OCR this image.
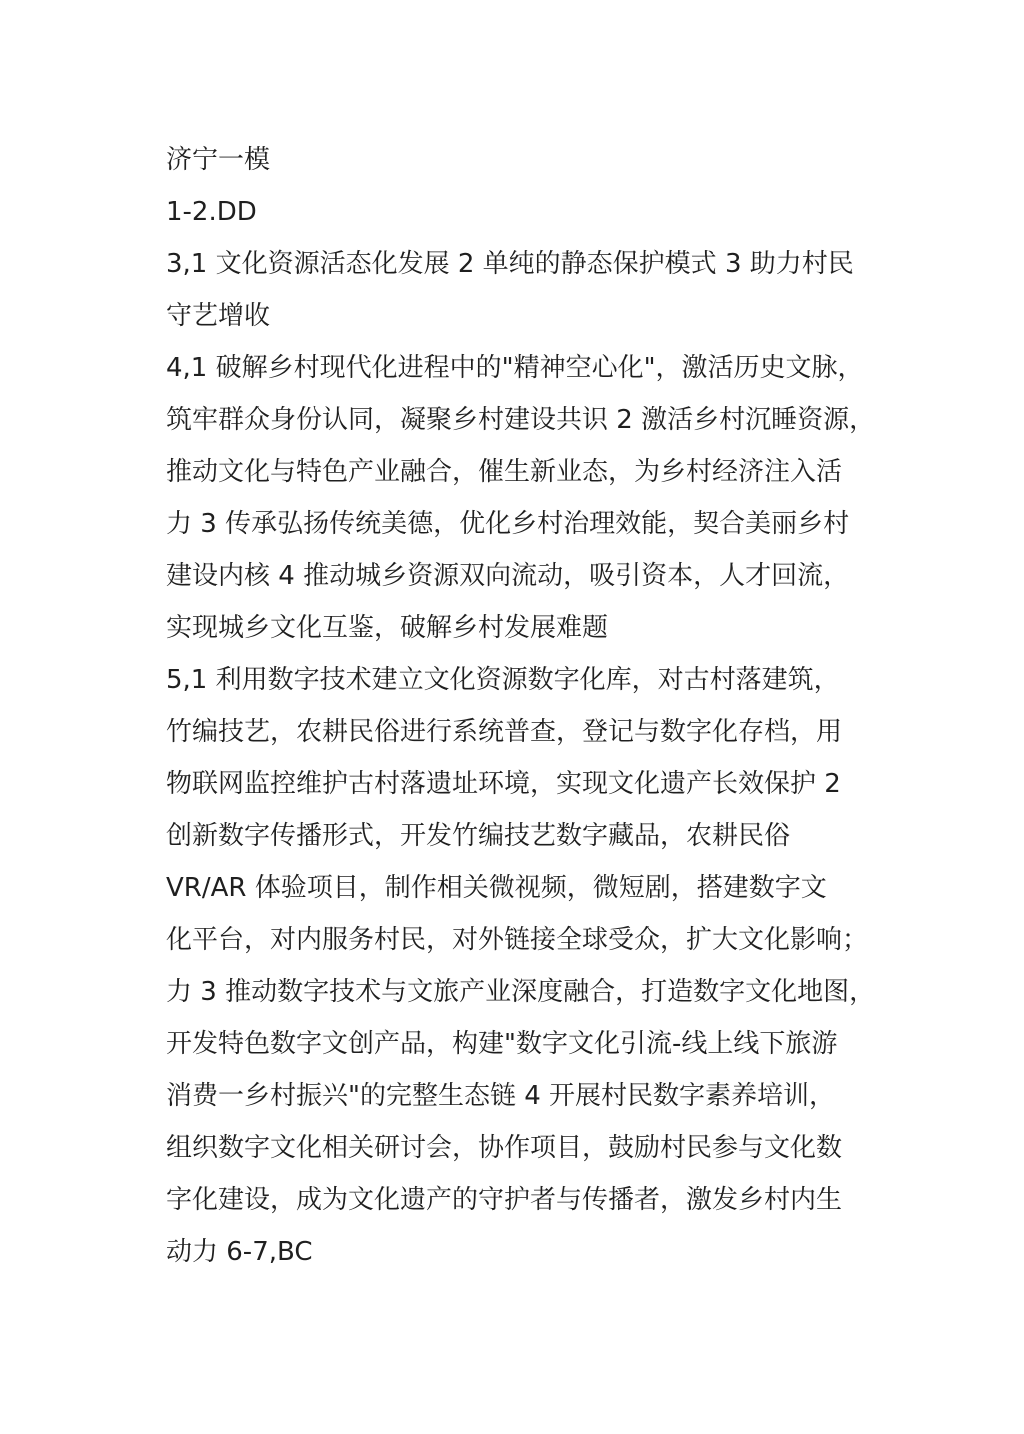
济宁一模
1-2.DD
3,1 文化资源活态化发展 2 单纯的静态保护模式 3 助力村民
守艺增收
4,1 破解乡村现代化进程中的"精神空心化"，激活历史文脉，
筑牢群众身份认同，凝聚乡村建设共识 2 激活乡村沉睡资源，
推动文化与特色产业融合，催生新业态，为乡村经济注入活
力 3 传承弘扬传统美德，优化乡村治理效能，契合美丽乡村
建设内核 4 推动城乡资源双向流动，吸引资本，人才回流，
实现城乡文化互鉴，破解乡村发展难题
5,1 利用数字技术建立文化资源数字化库，对古村落建筑，
竹编技艺，农耕民俗进行系统普查，登记与数字化存档，用
物联网监控维护古村落遗址环境，实现文化遗产长效保护 2
创新数字传播形式，开发竹编技艺数字藏品，农耕民俗
VR/AR 体验项目，制作相关微视频，微短剧，搭建数字文
化平台，对内服务村民，对外链接全球受众，扩大文化影响；
力 3 推动数字技术与文旅产业深度融合，打造数字文化地图，
开发特色数字文创产品，构建"数字文化引流-线上线下旅游
消费一乡村振兴"的完整生态链 4 开展村民数字素养培训，
组织数字文化相关研讨会，协作项目，鼓励村民参与文化数
字化建设，成为文化遗产的守护者与传播者，激发乡村内生
动力 6-7,BC
